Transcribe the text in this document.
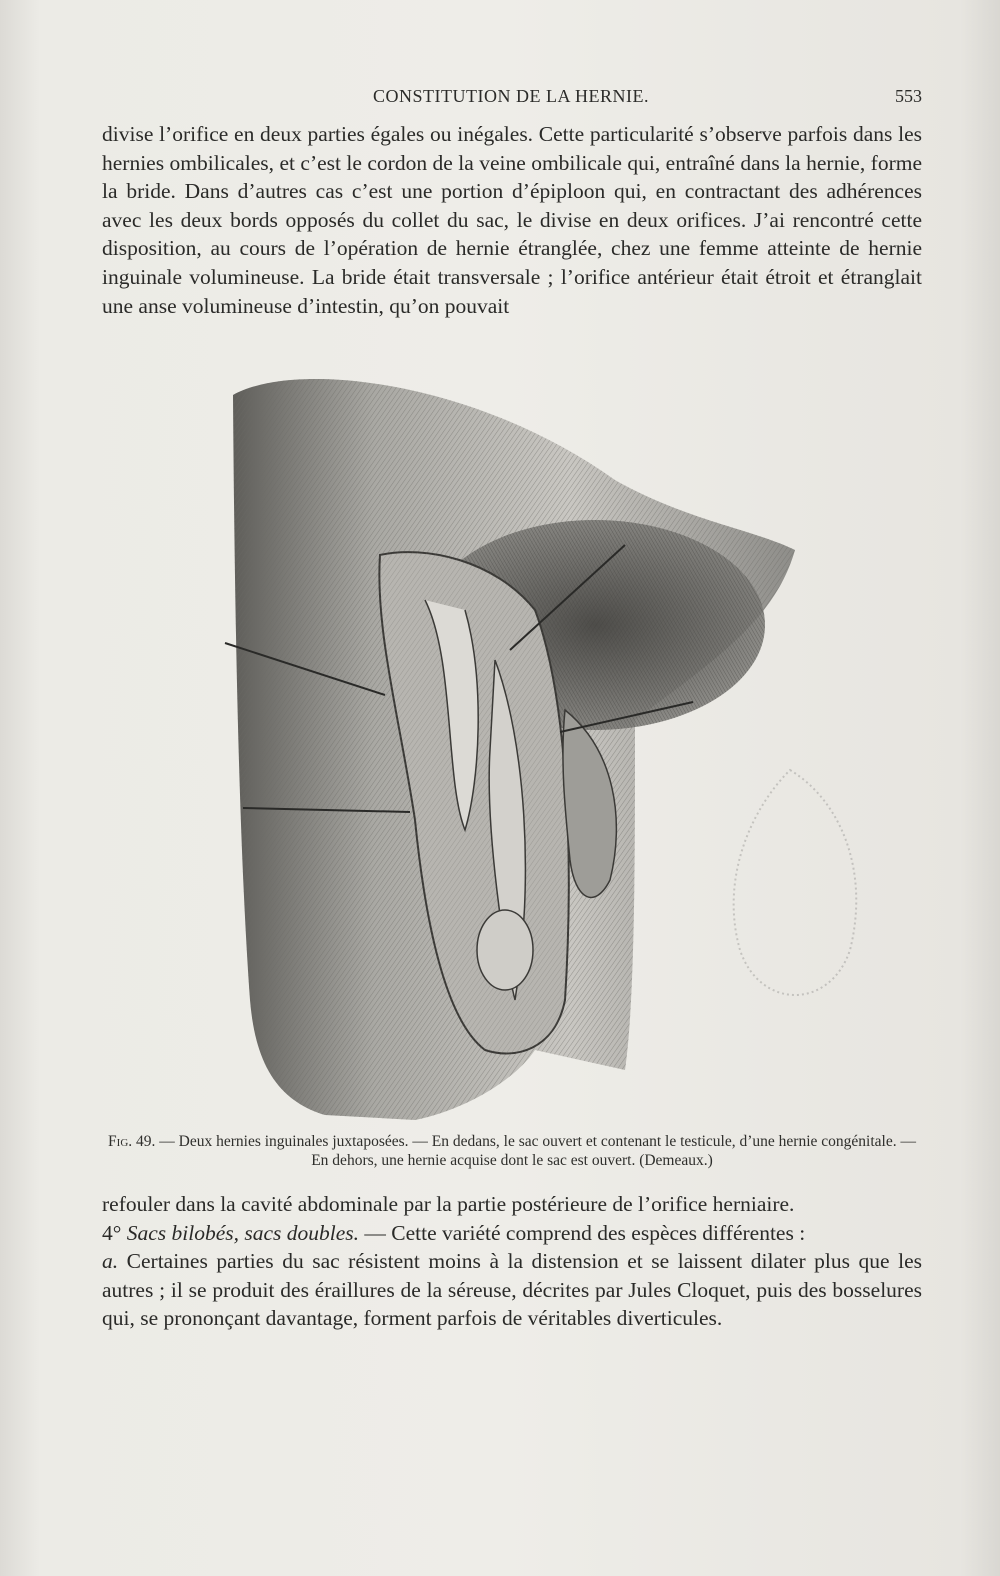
CONSTITUTION DE LA HERNIE.	553

divise l’orifice en deux parties égales ou inégales. Cette particularité s’observe parfois dans les hernies ombilicales, et c’est le cordon de la veine ombilicale qui, entraîné dans la hernie, forme la bride. Dans d’autres cas c’est une portion d’épiploon qui, en contractant des adhérences avec les deux bords opposés du collet du sac, le divise en deux orifices. J’ai rencontré cette disposition, au cours de l’opération de hernie étranglée, chez une femme atteinte de hernie inguinale volumineuse. La bride était transversale ; l’orifice antérieur était étroit et étranglait une anse volumineuse d’intestin, qu’on pouvait

Fig. 49. — Deux hernies inguinales juxtaposées. — En dedans, le sac ouvert et contenant le testicule, d’une hernie congénitale. — En dehors, une hernie acquise dont le sac est ouvert. (Demeaux.)

refouler dans la cavité abdominale par la partie postérieure de l’orifice herniaire.

4° Sacs bilobés, sacs doubles. — Cette variété comprend des espèces différentes :

a. Certaines parties du sac résistent moins à la distension et se laissent dilater plus que les autres ; il se produit des éraillures de la séreuse, décrites par Jules Cloquet, puis des bosselures qui, se prononçant davantage, forment parfois de véritables diverticules.
